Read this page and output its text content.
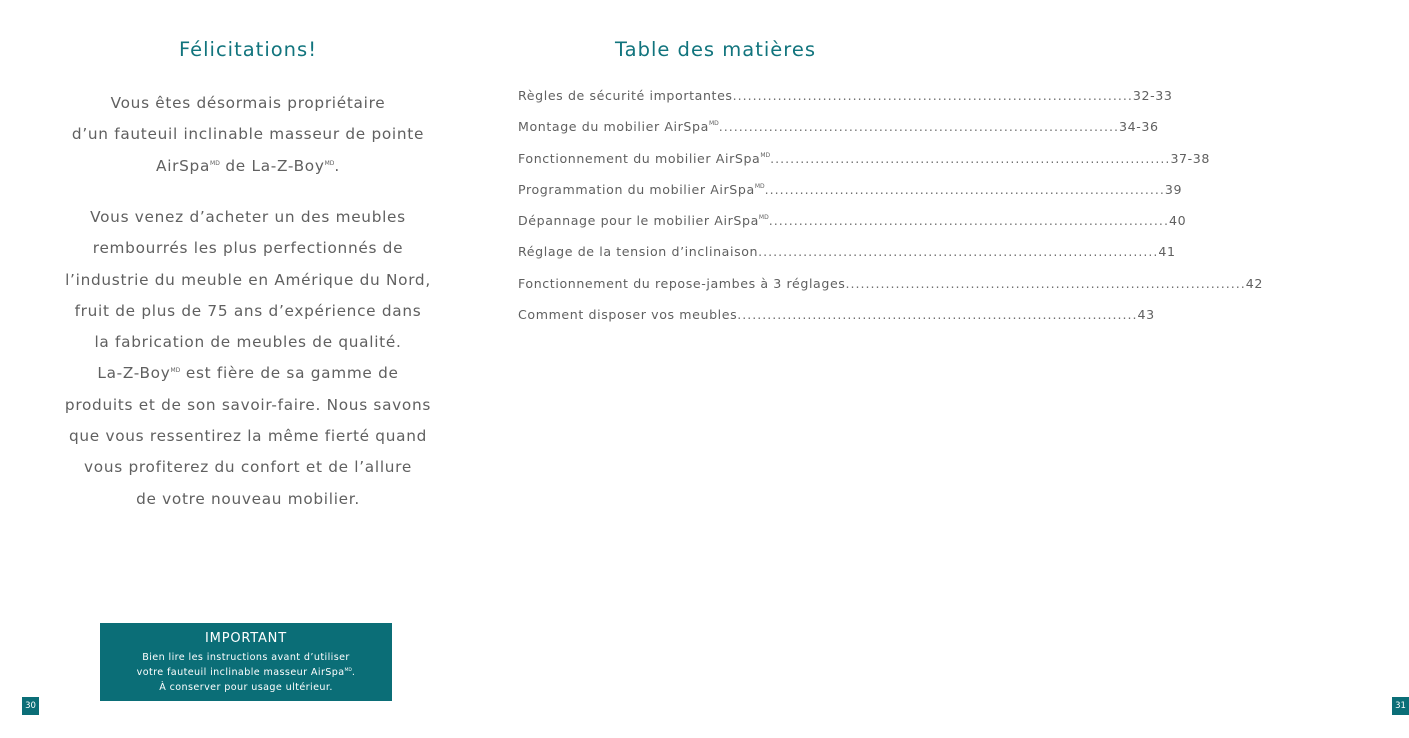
Félicitations!
Vous êtes désormais propriétaire
d’un fauteuil inclinable masseur de pointe
AirSpa$^{MD}$ de La-Z-Boy$^{MD}$.
Vous venez d’acheter un des meubles
rembourrés les plus perfectionnés de
l’industrie du meuble en Amérique du Nord,
fruit de plus de 75 ans d’expérience dans
la fabrication de meubles de qualité.
La-Z-Boy$^{MD}$ est fière de sa gamme de
produits et de son savoir-faire. Nous savons
que vous ressentirez la même fierté quand
vous profiterez du confort et de l’allure
de votre nouveau mobilier.
IMPORTANT
Bien lire les instructions avant d’utiliser
votre fauteuil inclinable masseur AirSpa$^{MD}$.
À conserver pour usage ultérieur.
30
Table des matières
Règles de sécurité importantes ................................................................................ 32-33
Montage du mobilier AirSpa$^{MD}$ ................................................................................ 34-36
Fonctionnement du mobilier AirSpa$^{MD}$ ................................................................................ 37-38
Programmation du mobilier AirSpa$^{MD}$ ................................................................................ 39
Dépannage pour le mobilier AirSpa$^{MD}$ ................................................................................ 40
Réglage de la tension d’inclinaison ................................................................................ 41
Fonctionnement du repose-jambes à 3 réglages ................................................................................ 42
Comment disposer vos meubles ................................................................................ 43
31
